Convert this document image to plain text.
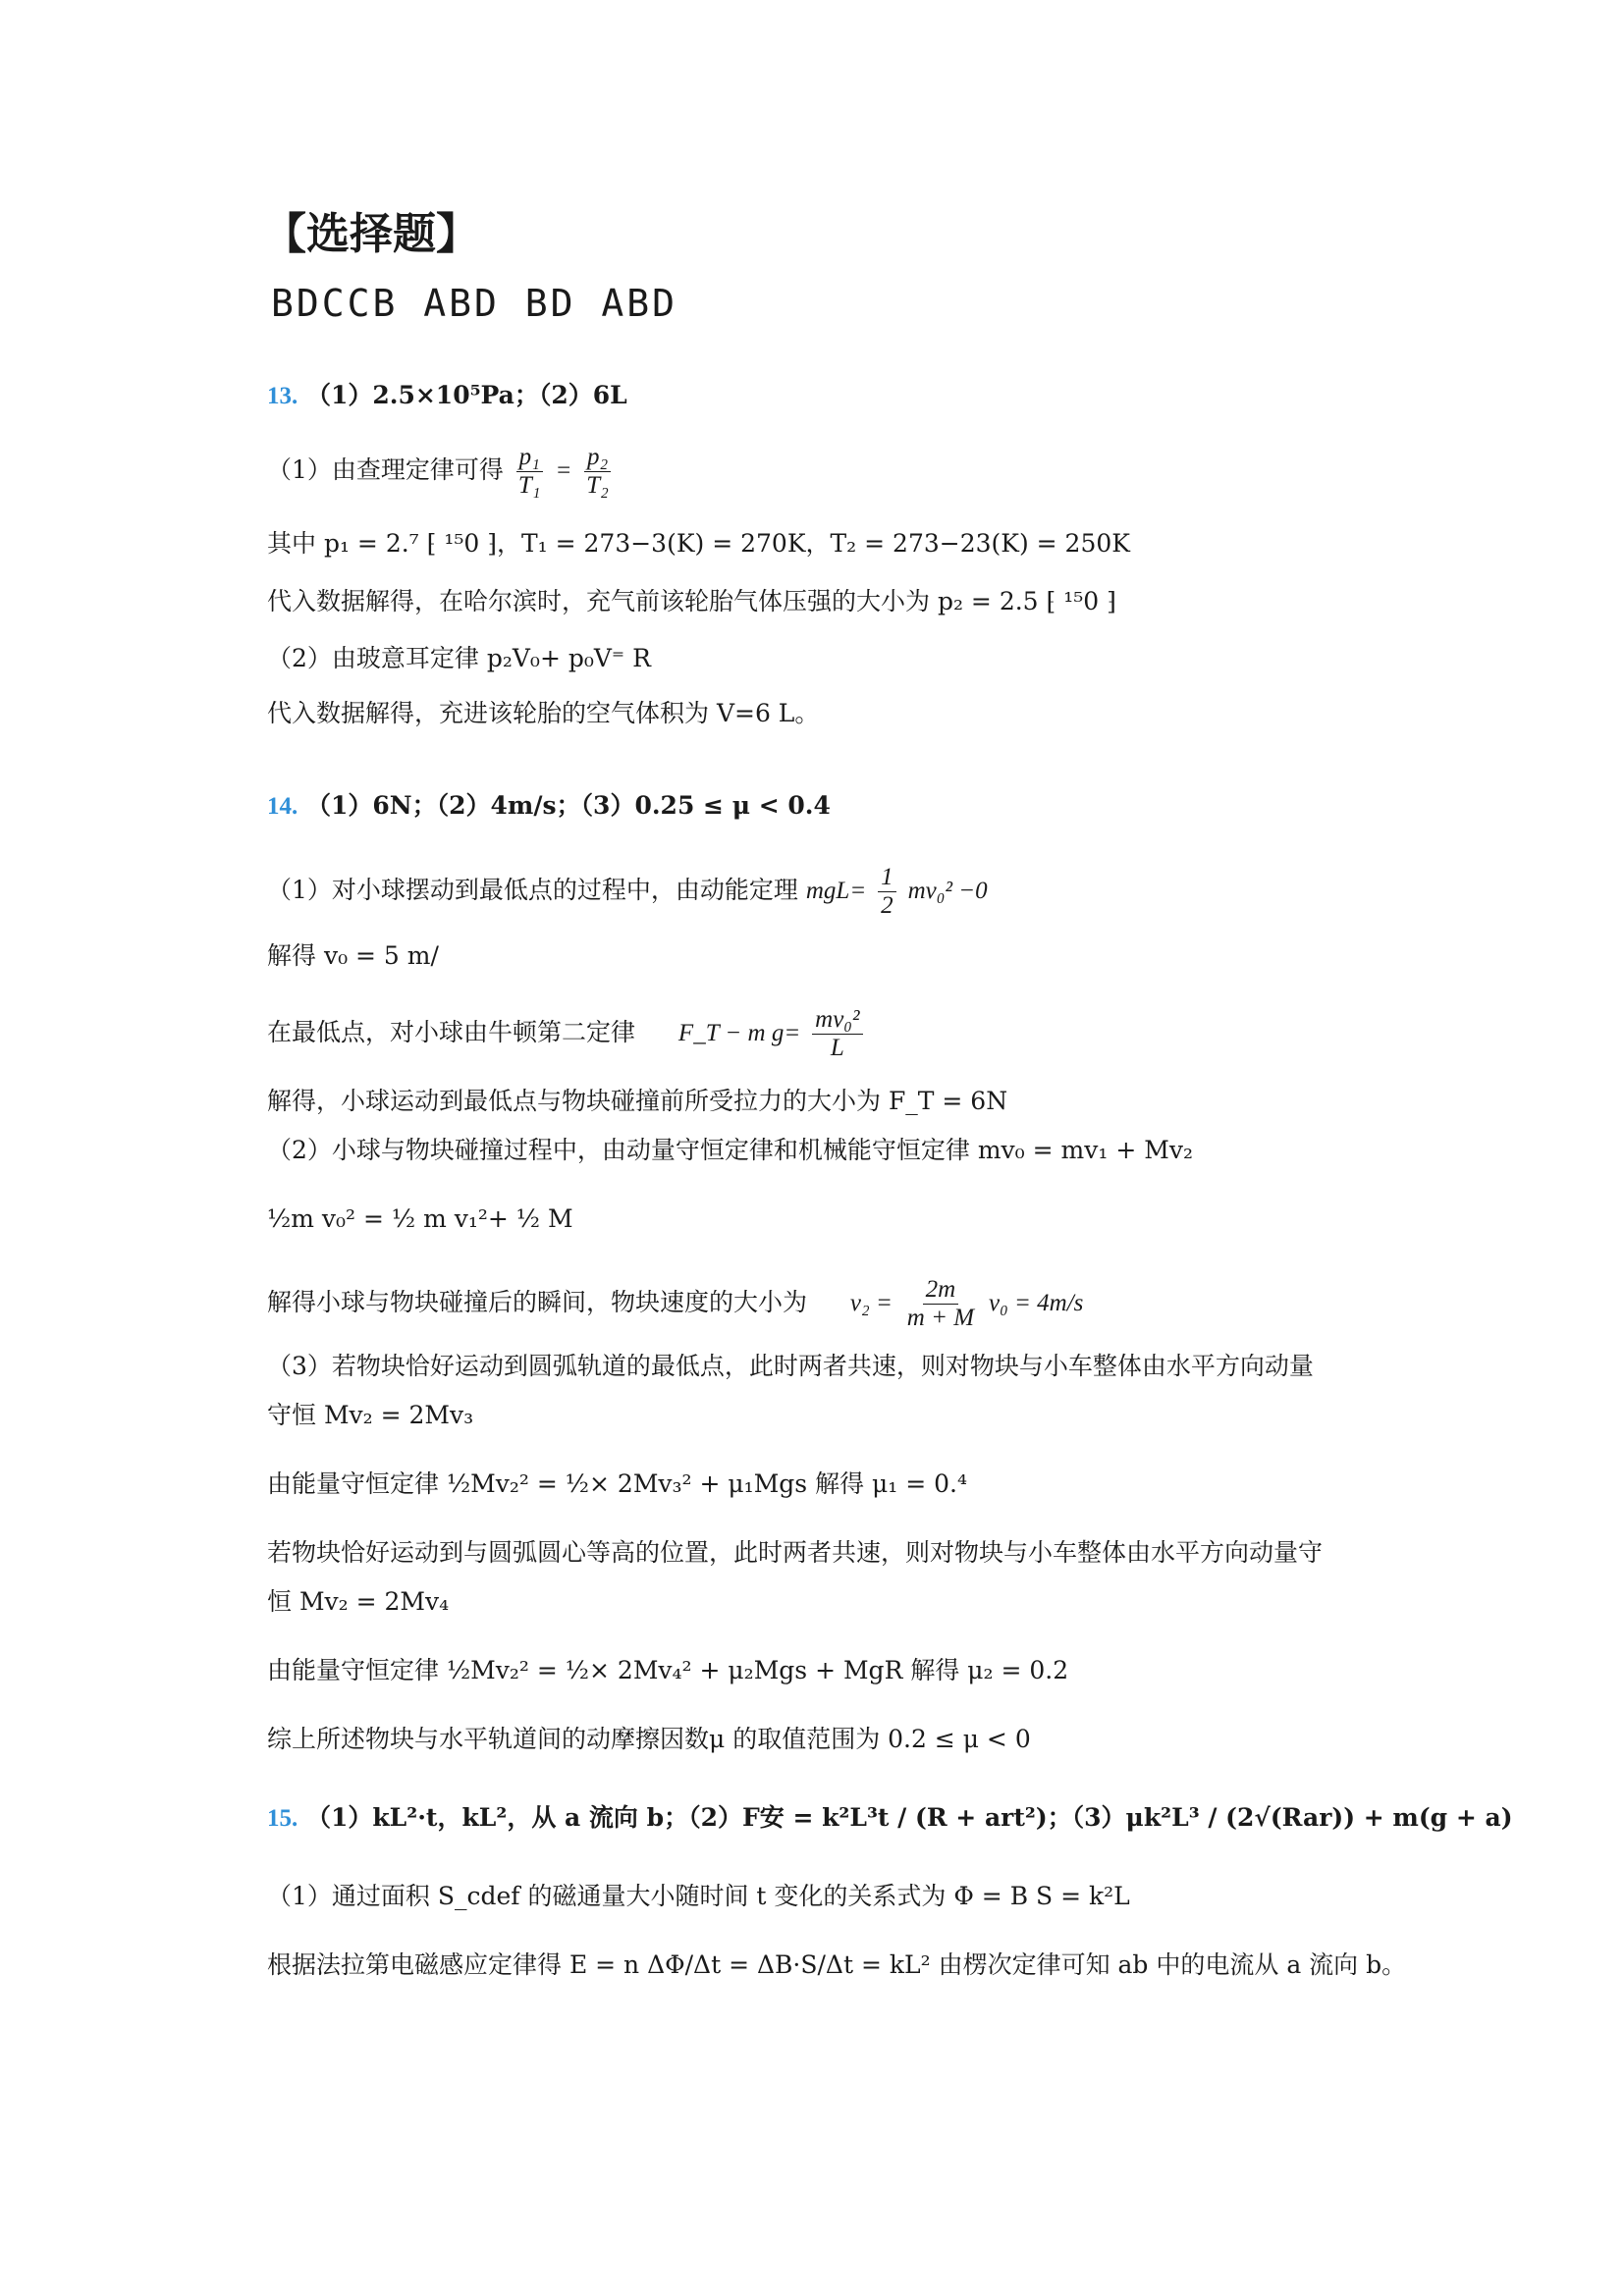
【选择题】
BDCCB ABD BD ABD
13. （1）2.5×10⁵Pa；（2）6L
（1）由查理定律可得 $\frac{\text{p₁}}{\text{T₁}} = \frac{\text{p₂}}{\text{T₂}}$
其中 p₁ = 2.⁷ ⁅ ¹⁵0 ⁆，T₁ = 273−3(K) = 270K，T₂ = 273−23(K) = 250K
代入数据解得，在哈尔滨时，充气前该轮胎气体压强的大小为 p₂ = 2.5 ⁅ ¹⁵0 ⁆
（2）由玻意耳定律 p₂V₀+ p₀V⁼ R
代入数据解得，充进该轮胎的空气体积为 V=6 L。
14. （1）6N；（2）4m/s；（3）0.25 ≤ μ < 0.4
（1）对小球摆动到最低点的过程中，由动能定理 $mgL= \frac{1}{2} mv_0^2 -0$
解得 v₀ = 5 m/
在最低点，对小球由牛顿第二定律 F_T − m $g= \frac{\text{mv₀²}}{L}$
解得，小球运动到最低点与物块碰撞前所受拉力的大小为 F_T = 6N
（2）小球与物块碰撞过程中，由动量守恒定律和机械能守恒定律 mv₀ = mv₁ + Mv₂
½m v₀² = ½ m v₁²+ ½ M
解得小球与物块碰撞后的瞬间，物块速度的大小为 $v_2 = \frac{2m}{m + M} v_0 = 4m/s$
（3）若物块恰好运动到圆弧轨道的最低点，此时两者共速，则对物块与小车整体由水平方向动量
守恒 Mv₂ = 2Mv₃
由能量守恒定律 ½Mv₂² = ½× 2Mv₃² + μ₁Mgs 解得 μ₁ = 0.⁴
若物块恰好运动到与圆弧圆心等高的位置，此时两者共速，则对物块与小车整体由水平方向动量守
恒 Mv₂ = 2Mv₄
由能量守恒定律 ½Mv₂² = ½× 2Mv₄² + μ₂Mgs + MgR 解得 μ₂ = 0.2
综上所述物块与水平轨道间的动摩擦因数μ 的取值范围为 0.2 ≤ μ < 0
15. （1）kL²·t，kL²，从 a 流向 b；（2）F安 = k²L³t / (R + art²)；（3）μk²L³ / (2√(Rar)) + m(g + a)
（1）通过面积 S_cdef 的磁通量大小随时间 t 变化的关系式为 Φ = B S = k²L
根据法拉第电磁感应定律得 E = n ΔΦ/Δt = ΔB·S/Δt = kL² 由楞次定律可知 ab 中的电流从 a 流向 b。
